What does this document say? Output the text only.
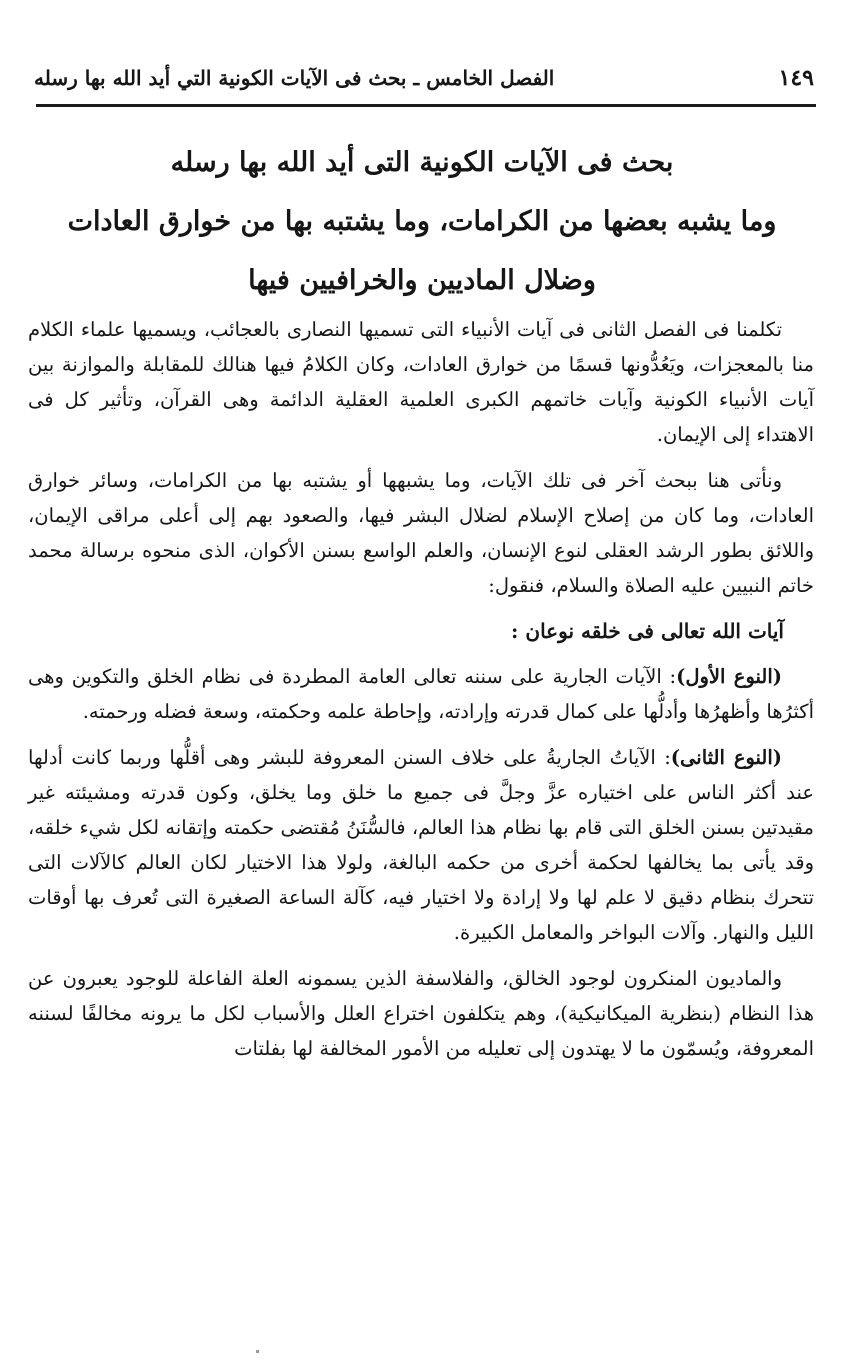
١٤٩
الفصل الخامس ـ بحث فى الآيات الكونية التي أيد الله بها رسله
بحث فى الآيات الكونية التى أيد الله بها رسله
وما يشبه بعضها من الكرامات، وما يشتبه بها من خوارق العادات
وضلال الماديين والخرافيين فيها

تكلمنا فى الفصل الثانى فى آيات الأنبياء التى تسميها النصارى بالعجائب، ويسميها علماء الكلام منا بالمعجزات، ويَعُدُّونها قسمًا من خوارق العادات، وكان الكلامُ فيها هنالك للمقابلة والموازنة بين آيات الأنبياء الكونية وآيات خاتمهم الكبرى العلمية العقلية الدائمة وهى القرآن، وتأثير كل فى الاهتداء إلى الإيمان.

ونأتى هنا ببحث آخر فى تلك الآيات، وما يشبهها أو يشتبه بها من الكرامات، وسائر خوارق العادات، وما كان من إصلاح الإسلام لضلال البشر فيها، والصعود بهم إلى أعلى مراقى الإيمان، واللائق بطور الرشد العقلى لنوع الإنسان، والعلم الواسع بسنن الأكوان، الذى منحوه برسالة محمد خاتم النبيين عليه الصلاة والسلام، فنقول:

آيات الله تعالى فى خلقه نوعان :

(النوع الأول): الآيات الجارية على سننه تعالى العامة المطردة فى نظام الخلق والتكوين وهى أكثرُها وأظهرُها وأدلُّها على كمال قدرته وإرادته، وإحاطة علمه وحكمته، وسعة فضله ورحمته.

(النوع الثانى): الآياتُ الجاريةُ على خلاف السنن المعروفة للبشر وهى أقلُّها وربما كانت أدلها عند أكثر الناس على اختياره عزَّ وجلَّ فى جميع ما خلق وما يخلق، وكون قدرته ومشيئته غير مقيدتين بسنن الخلق التى قام بها نظام هذا العالم، فالسُّنَنُ مُقتضى حكمته وإتقانه لكل شيء خلقه، وقد يأتى بما يخالفها لحكمة أخرى من حكمه البالغة، ولولا هذا الاختيار لكان العالم كالآلات التى تتحرك بنظام دقيق لا علم لها ولا إرادة ولا اختيار فيه، كآلة الساعة الصغيرة التى تُعرف بها أوقات الليل والنهار. وآلات البواخر والمعامل الكبيرة.

والماديون المنكرون لوجود الخالق، والفلاسفة الذين يسمونه العلة الفاعلة للوجود يعبرون عن هذا النظام (بنظرية الميكانيكية)، وهم يتكلفون اختراع العلل والأسباب لكل ما يرونه مخالفًا لسننه المعروفة، ويُسمّون ما لا يهتدون إلى تعليله من الأمور المخالفة لها بفلتات
